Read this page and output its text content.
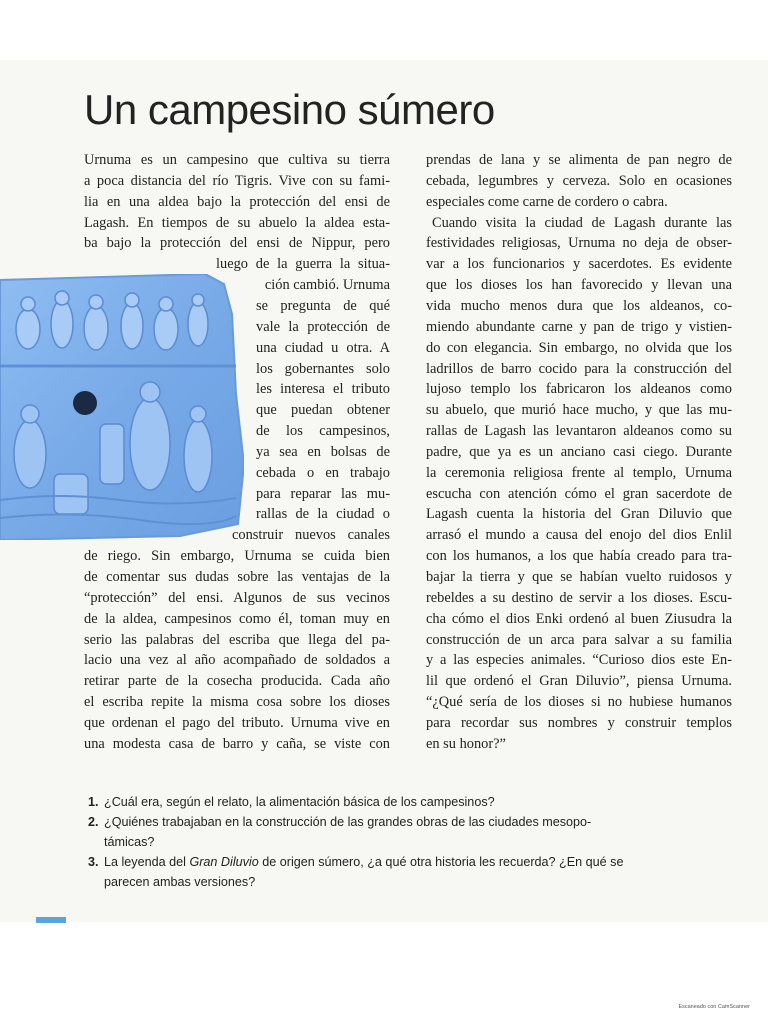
Un campesino súmero
Urnuma es un campesino que cultiva su tierra
a poca distancia del río Tigris. Vive con su fami-
lia en una aldea bajo la protección del ensi de
Lagash. En tiempos de su abuelo la aldea esta-
ba bajo la protección del ensi de Nippur, pero
luego de la guerra la situa-
ción cambió. Urnuma
se pregunta de qué
vale la protección de
una ciudad u otra. A
los gobernantes solo
les interesa el tributo
que puedan obtener
de los campesinos,
ya sea en bolsas de
cebada o en trabajo
para reparar las mu-
rallas de la ciudad o
construir nuevos canales
de riego. Sin embargo, Urnuma se cuida bien
de comentar sus dudas sobre las ventajas de la
“protección” del ensi. Algunos de sus vecinos
de la aldea, campesinos como él, toman muy en
serio las palabras del escriba que llega del pa-
lacio una vez al año acompañado de soldados a
retirar parte de la cosecha producida. Cada año
el escriba repite la misma cosa sobre los dioses
que ordenan el pago del tributo. Urnuma vive en
una modesta casa de barro y caña, se viste con
prendas de lana y se alimenta de pan negro de
cebada, legumbres y cerveza. Solo en ocasiones
especiales come carne de cordero o cabra.
Cuando visita la ciudad de Lagash durante las
festividades religiosas, Urnuma no deja de obser-
var a los funcionarios y sacerdotes. Es evidente
que los dioses los han favorecido y llevan una
vida mucho menos dura que los aldeanos, co-
miendo abundante carne y pan de trigo y vistien-
do con elegancia. Sin embargo, no olvida que los
ladrillos de barro cocido para la construcción del
lujoso templo los fabricaron los aldeanos como
su abuelo, que murió hace mucho, y que las mu-
rallas de Lagash las levantaron aldeanos como su
padre, que ya es un anciano casi ciego. Durante
la ceremonia religiosa frente al templo, Urnuma
escucha con atención cómo el gran sacerdote de
Lagash cuenta la historia del Gran Diluvio que
arrasó el mundo a causa del enojo del dios Enlil
con los humanos, a los que había creado para tra-
bajar la tierra y que se habían vuelto ruidosos y
rebeldes a su destino de servir a los dioses. Escu-
cha cómo el dios Enki ordenó al buen Ziusudra la
construcción de un arca para salvar a su familia
y a las especies animales. “Curioso dios este En-
lil que ordenó el Gran Diluvio”, piensa Urnuma.
“¿Qué sería de los dioses si no hubiese humanos
para recordar sus nombres y construir templos
en su honor?”
1. ¿Cuál era, según el relato, la alimentación básica de los campesinos?
2. ¿Quiénes trabajaban en la construcción de las grandes obras de las ciudades mesopo-támicas?
3. La leyenda del Gran Diluvio de origen súmero, ¿a qué otra historia les recuerda? ¿En qué se parecen ambas versiones?
Escaneado con CamScanner
